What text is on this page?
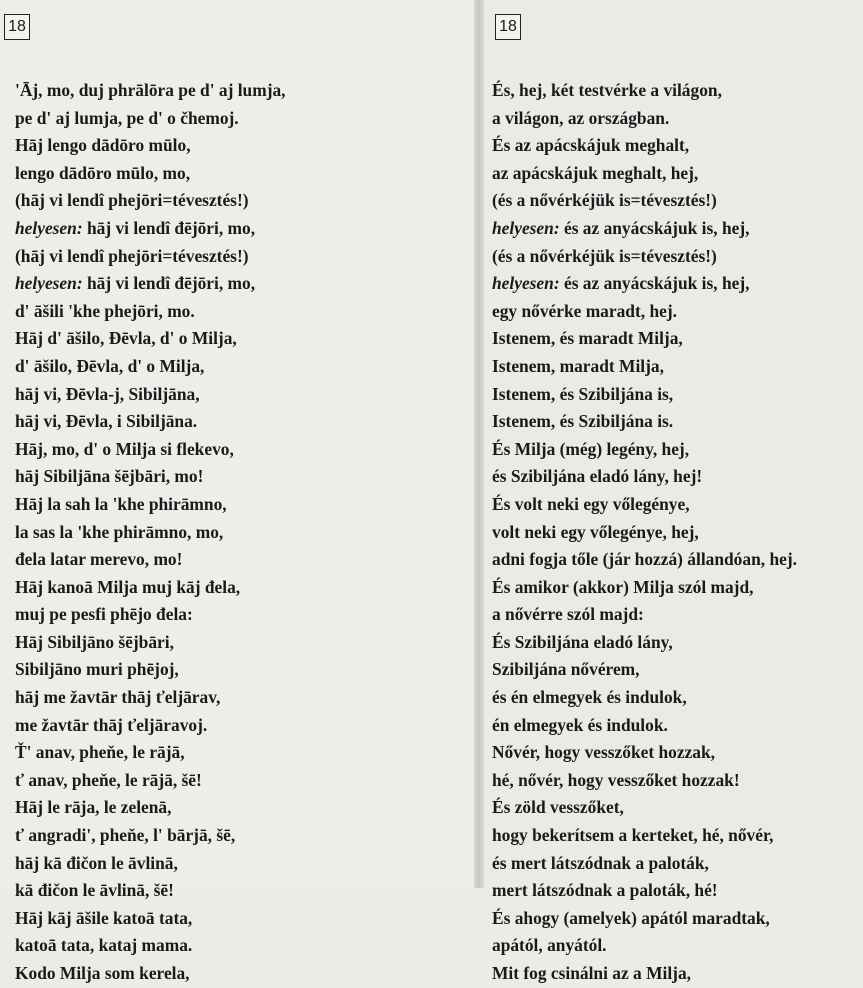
18
'Āj, mo, duj phrālōra pe d' aj lumja,
pe d' aj lumja, pe d' o čhemoj.
Hāj lengo dādōro mūlo,
lengo dādōro mūlo, mo,
(hāj vi lendî phejōri=tévesztés!)
helyesen: hāj vi lendî đējōri, mo,
(hāj vi lendî phejōri=tévesztés!)
helyesen: hāj vi lendî đējōri, mo,
d' āšili 'khe phejōri, mo.
Hāj d' āšilo, Đēvla, d' o Milja,
d' āšilo, Đēvla, d' o Milja,
hāj vi, Đēvla-j, Sibiljāna,
hāj vi, Đēvla, i Sibiljāna.
Hāj, mo, d' o Milja si flekevo,
hāj Sibiljāna šējbāri, mo!
Hāj la sah la 'khe phirāmno,
la sas la 'khe phirāmno, mo,
đela latar merevo, mo!
Hāj kanoā Milja muj kāj đela,
muj pe pesfi phējo đela:
Hāj Sibiljāno šējbāri,
Sibiljāno muri phējoj,
hāj me žavtār thāj ťeljārav,
me žavtār thāj ťeljāravoj.
Ť' anav, pheňe, le rājā,
ť anav, pheňe, le rājā, šē!
Hāj le rāja, le zelenā,
ť angradi', pheňe, l' bārjā, šē,
hāj kā đičon le āvlinā,
kā đičon le āvlinā, šē!
Hāj kāj āšile katoā tata,
katoā tata, kataj mama.
Kodo Milja som kerela,
18
És, hej, két testvérke a világon,
a világon, az országban.
És az apácskájuk meghalt,
az apácskájuk meghalt, hej,
(és a nővérkéjük is=tévesztés!)
helyesen: és az anyácskájuk is, hej,
(és a nővérkéjük is=tévesztés!)
helyesen: és az anyácskájuk is, hej,
egy nővérke maradt, hej.
Istenem, és maradt Milja,
Istenem, maradt Milja,
Istenem, és Szibiljána is,
Istenem, és Szibiljána is.
És Milja (még) legény, hej,
és Szibiljána eladó lány, hej!
És volt neki egy vőlegénye,
volt neki egy vőlegénye, hej,
adni fogja tőle (jár hozzá) állandóan, hej.
És amikor (akkor) Milja szól majd,
a nővérre szól majd:
És Szibiljána eladó lány,
Szibiljána nővérem,
és én elmegyek és indulok,
én elmegyek és indulok.
Nővér, hogy vesszőket hozzak,
hé, nővér, hogy vesszőket hozzak!
És zöld vesszőket,
hogy bekerítsem a kerteket, hé, nővér,
és mert látszódnak a paloták,
mert látszódnak a paloták, hé!
És ahogy (amelyek) apától maradtak,
apától, anyától.
Mit fog csinálni az a Milja,
